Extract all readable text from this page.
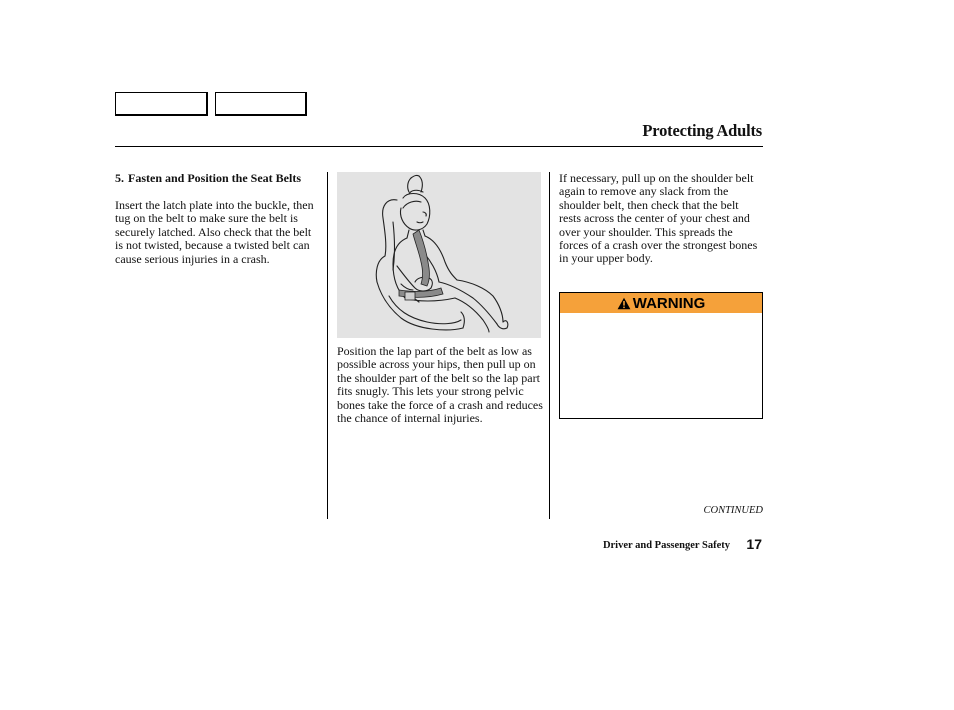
Protecting Adults
5. Fasten and Position the Seat Belts
Insert the latch plate into the buckle, then tug on the belt to make sure the belt is securely latched. Also check that the belt is not twisted, because a twisted belt can cause serious injuries in a crash.
Position the lap part of the belt as low as possible across your hips, then pull up on the shoulder part of the belt so the lap part fits snugly. This lets your strong pelvic bones take the force of a crash and reduces the chance of internal injuries.
If necessary, pull up on the shoulder belt again to remove any slack from the shoulder belt, then check that the belt rests across the center of your chest and over your shoulder. This spreads the forces of a crash over the strongest bones in your upper body.
WARNING
CONTINUED
Driver and Passenger Safety 17
